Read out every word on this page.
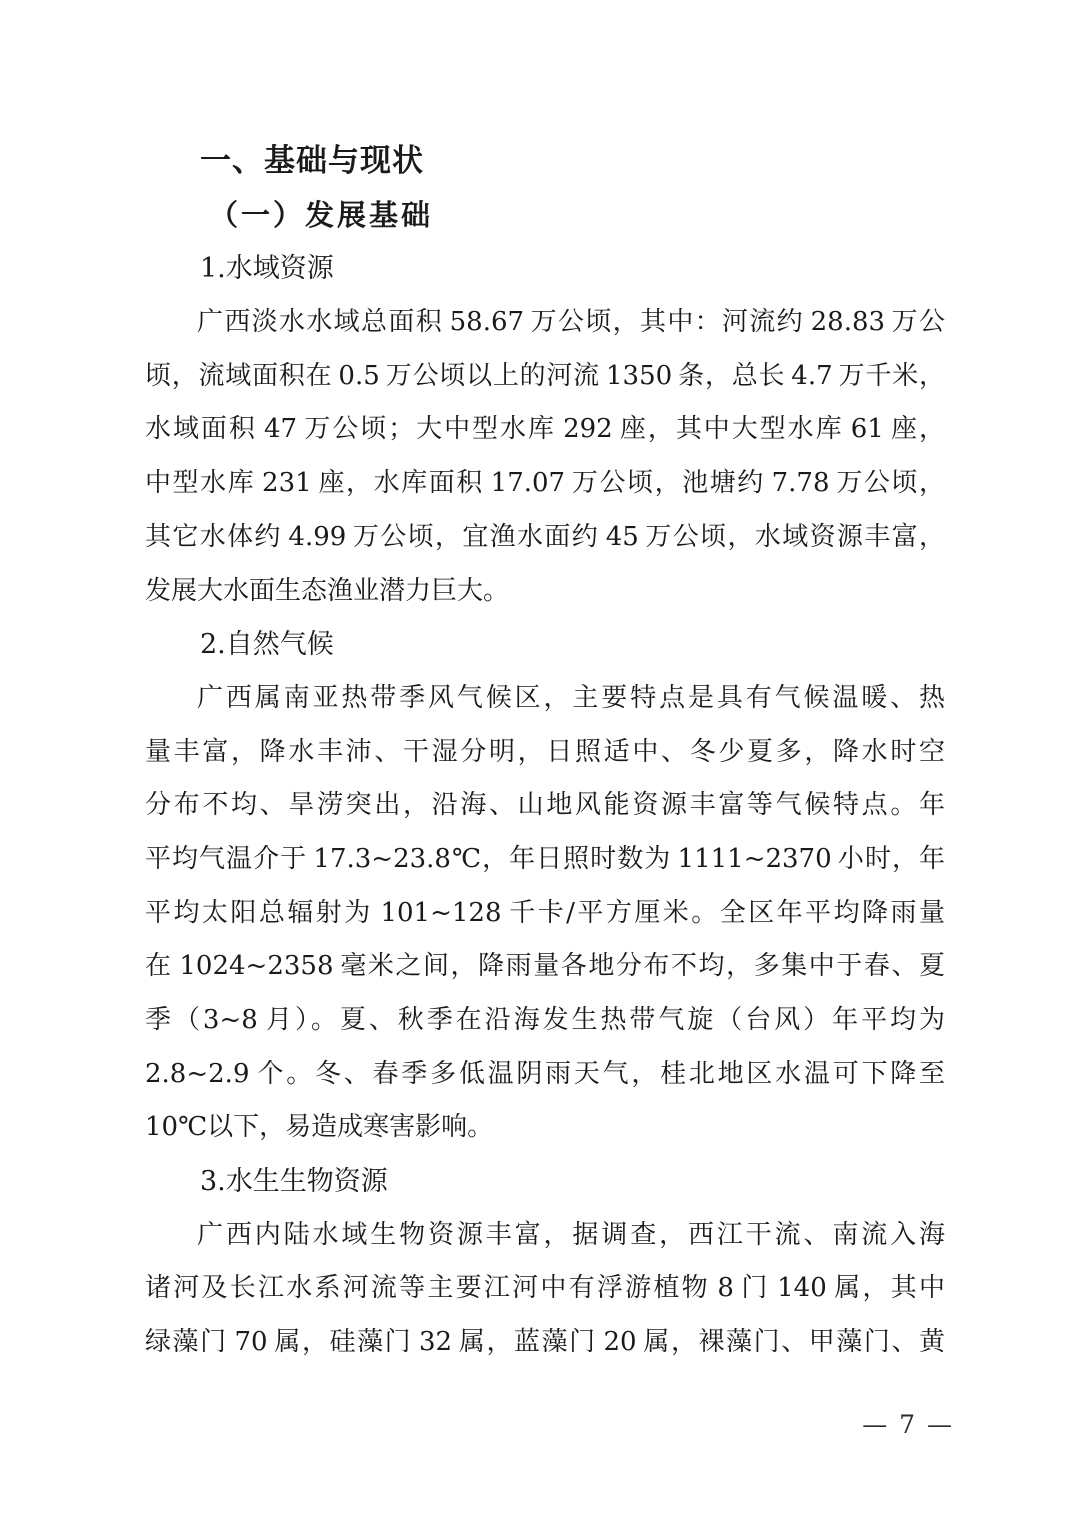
一、基础与现状
（一）发展基础
1.水域资源
广西淡水水域总面积 58.67 万公顷，其中：河流约 28.83 万公
顷，流域面积在 0.5 万公顷以上的河流 1350 条，总长 4.7 万千米，
水域面积 47 万公顷；大中型水库 292 座，其中大型水库 61 座，
中型水库 231 座，水库面积 17.07 万公顷，池塘约 7.78 万公顷，
其它水体约 4.99 万公顷，宜渔水面约 45 万公顷，水域资源丰富，
发展大水面生态渔业潜力巨大。
2.自然气候
广西属南亚热带季风气候区，主要特点是具有气候温暖、热
量丰富，降水丰沛、干湿分明，日照适中、冬少夏多，降水时空
分布不均、旱涝突出，沿海、山地风能资源丰富等气候特点。年
平均气温介于 17.3~23.8℃，年日照时数为 1111~2370 小时，年
平均太阳总辐射为 101~128 千卡/平方厘米。全区年平均降雨量
在 1024~2358 毫米之间，降雨量各地分布不均，多集中于春、夏
季（3~8 月）。夏、秋季在沿海发生热带气旋（台风）年平均为
2.8~2.9 个。冬、春季多低温阴雨天气，桂北地区水温可下降至
10℃以下，易造成寒害影响。
3.水生生物资源
广西内陆水域生物资源丰富，据调查，西江干流、南流入海
诸河及长江水系河流等主要江河中有浮游植物 8 门 140 属，其中
绿藻门 70 属，硅藻门 32 属，蓝藻门 20 属，裸藻门、甲藻门、黄
— 7 —
